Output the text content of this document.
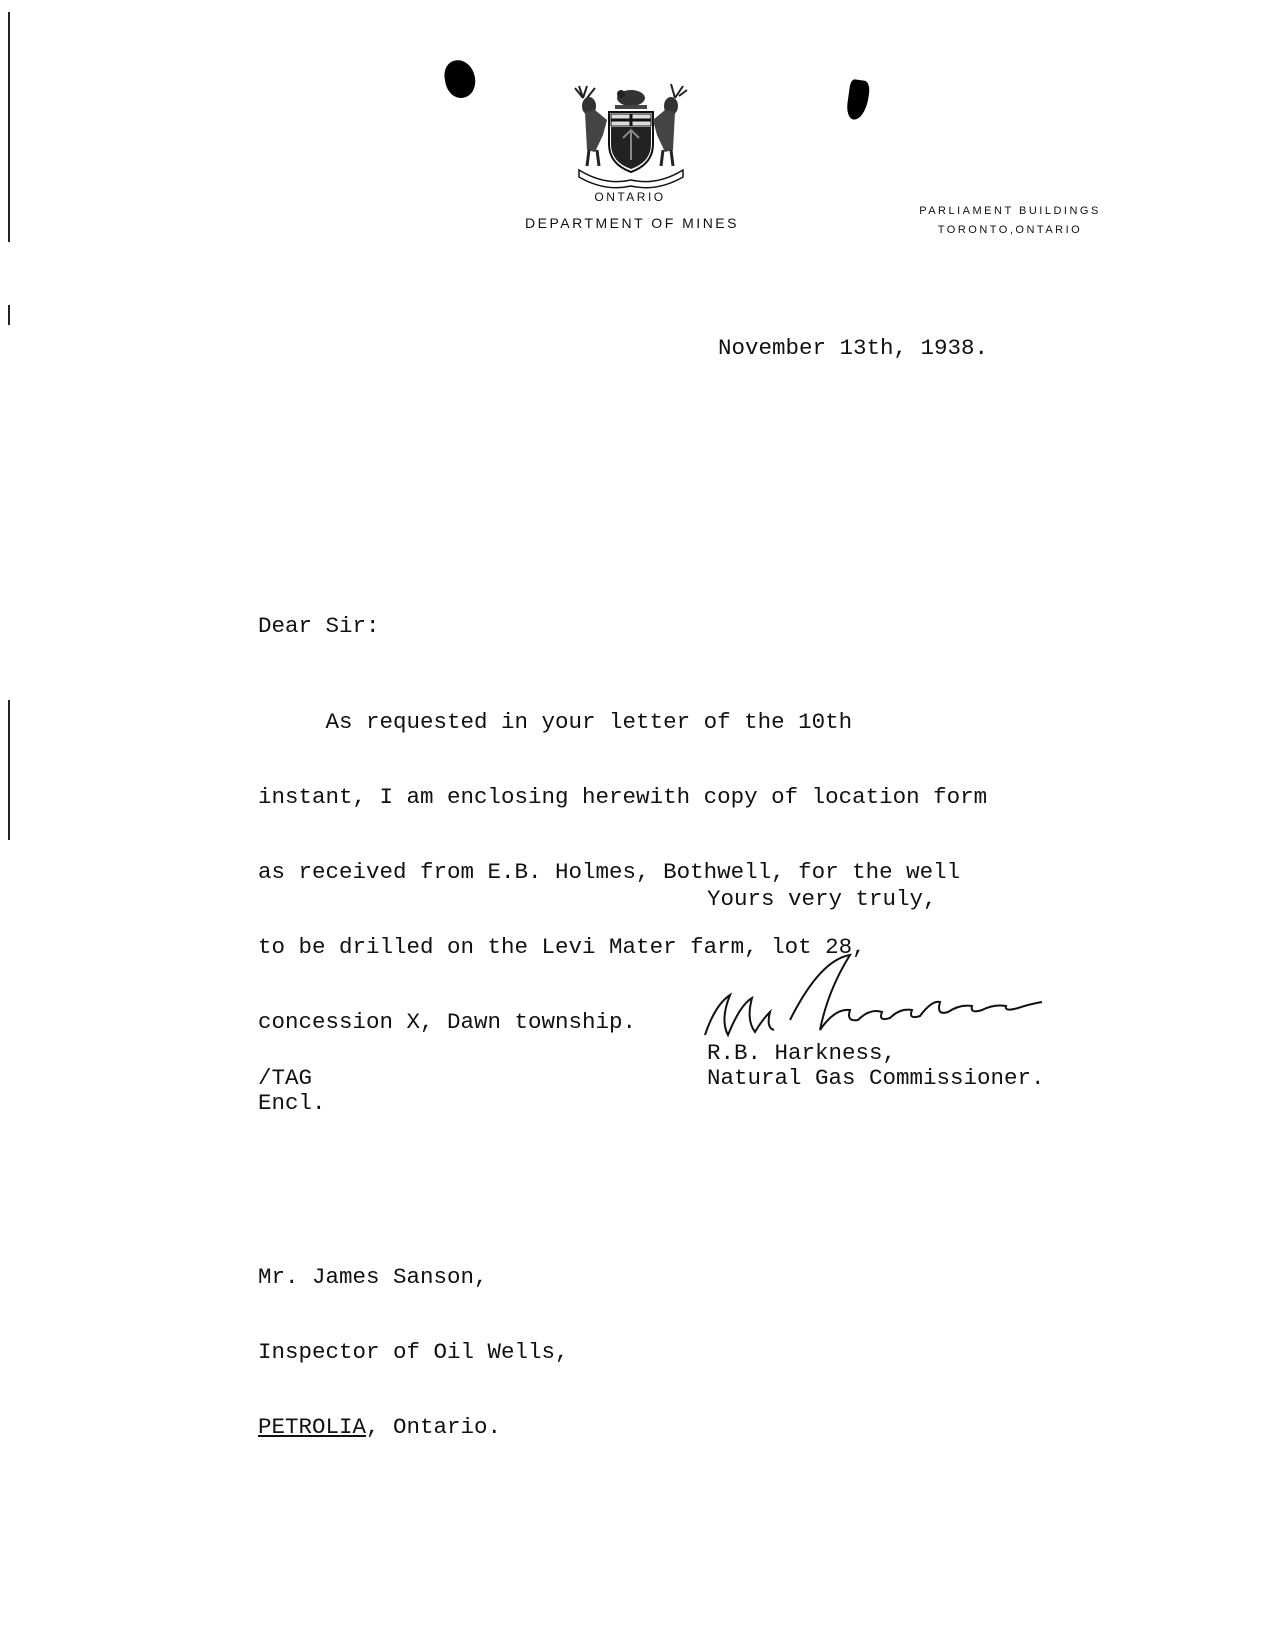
ONTARIO
DEPARTMENT OF MINES
PARLIAMENT BUILDINGS
TORONTO,ONTARIO
November 13th, 1938.
Dear Sir:

As requested in your letter of the 10th

instant, I am enclosing herewith copy of location form

as received from E.B. Holmes, Bothwell, for the well

to be drilled on the Levi Mater farm, lot 28,

concession X, Dawn township.

Yours very truly,
R.B. Harkness,
Natural Gas Commissioner.
/TAG
Encl.

Mr. James Sanson,

Inspector of Oil Wells,

PETROLIA, Ontario.
